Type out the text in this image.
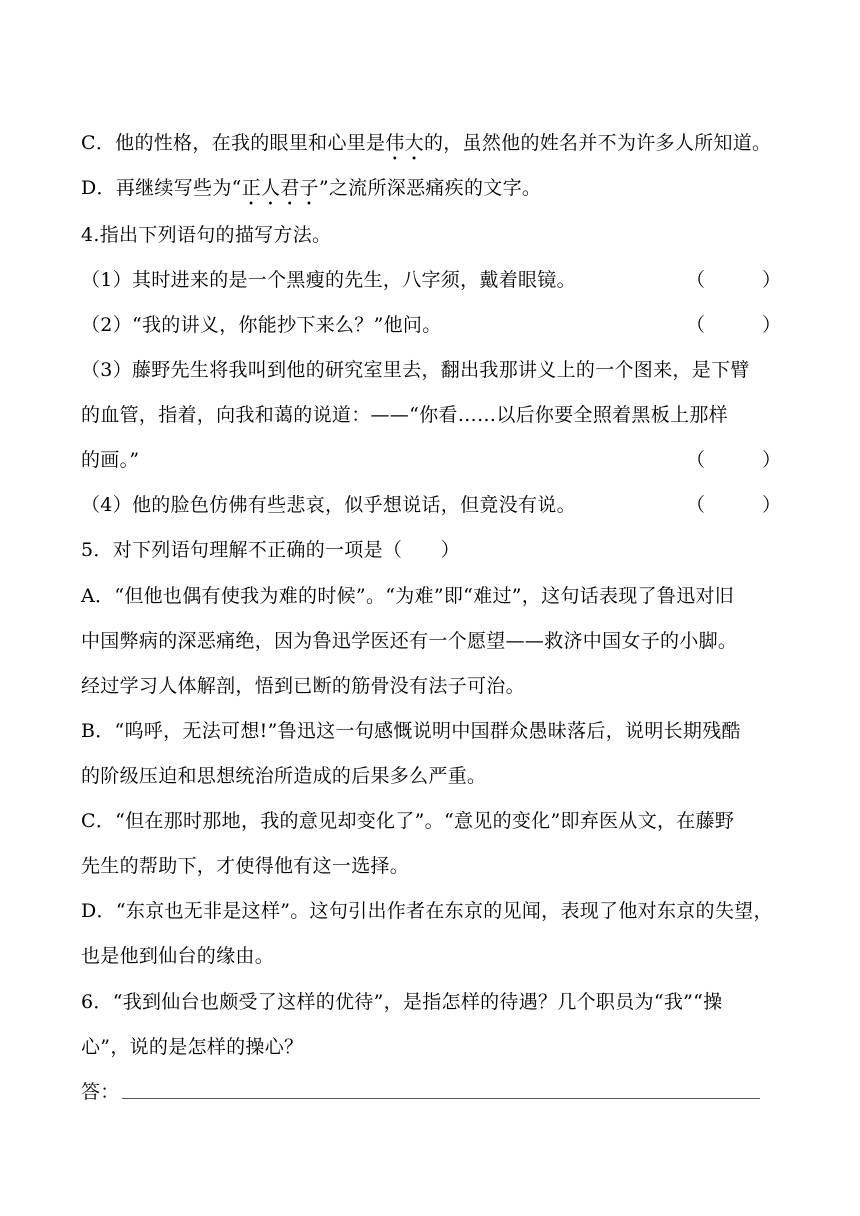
C．他的性格，在我的眼里和心里是伟大的，虽然他的姓名并不为许多人所知道。
D．再继续写些为“正人君子”之流所深恶痛疾的文字。
4.指出下列语句的描写方法。
（1）其时进来的是一个黑瘦的先生，八字须，戴着眼镜。	（　　　）
（2）“我的讲义，你能抄下来么？”他问。	（　　　）
（3）藤野先生将我叫到他的研究室里去，翻出我那讲义上的一个图来，是下臂
的血管，指着，向我和蔼的说道：——“你看……以后你要全照着黑板上那样
的画。”	（　　　）
（4）他的脸色仿佛有些悲哀，似乎想说话，但竟没有说。	（　　　）
5．对下列语句理解不正确的一项是（　　）
A．“但他也偶有使我为难的时候”。“为难”即“难过”，这句话表现了鲁迅对旧
中国弊病的深恶痛绝，因为鲁迅学医还有一个愿望——救济中国女子的小脚。
经过学习人体解剖，悟到已断的筋骨没有法子可治。
B．“呜呼，无法可想!”鲁迅这一句感慨说明中国群众愚昧落后，说明长期残酷
的阶级压迫和思想统治所造成的后果多么严重。
C．“但在那时那地，我的意见却变化了”。“意见的变化”即弃医从文，在藤野
先生的帮助下，才使得他有这一选择。
D．“东京也无非是这样”。这句引出作者在东京的见闻，表现了他对东京的失望，
也是他到仙台的缘由。
6．“我到仙台也颇受了这样的优待”，是指怎样的待遇？几个职员为“我”“操
心”，说的是怎样的操心？
答：
